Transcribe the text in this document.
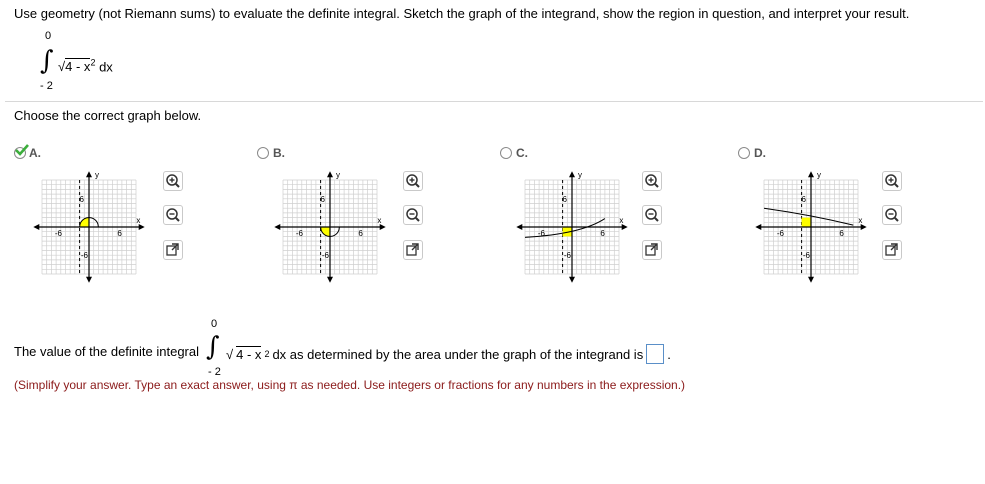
Use geometry (not Riemann sums) to evaluate the definite integral. Sketch the graph of the integrand, show the region in question, and interpret your result.
0
∫
- 2
$√4 - x^2$ dx
Choose the correct graph below.
A.	B.	C.	D.
y
x
-6	6
6
-6
y
x
-6	6
6
-6
y
x
-6	6
6
-6
y
x
-6	6
6
-6
The value of the definite integral
0
∫
- 2
√ 4 - x 2 dx as determined by the area under the graph of the integrand is .
(Simplify your answer. Type an exact answer, using π as needed. Use integers or fractions for any numbers in the expression.)
